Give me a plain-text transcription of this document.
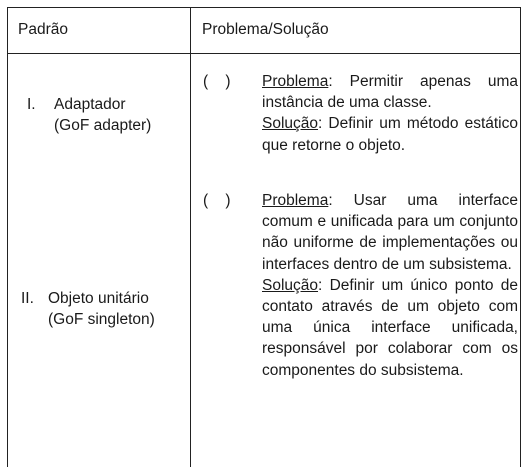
Padrão	Problema/Solução
I. Adaptador
(GoF adapter)
II. Objeto unitário
(GoF singleton)
(    ) Problema: Permitir apenas uma instância de uma classe.

Solução: Definir um método estático que retorne o objeto.

(    ) Problema: Usar uma interface comum e unificada para um conjunto não uniforme de implementações ou interfaces dentro de um subsistema.

Solução: Definir um único ponto de contato através de um objeto com uma única interface unificada, responsável por colaborar com os componentes do subsistema.
